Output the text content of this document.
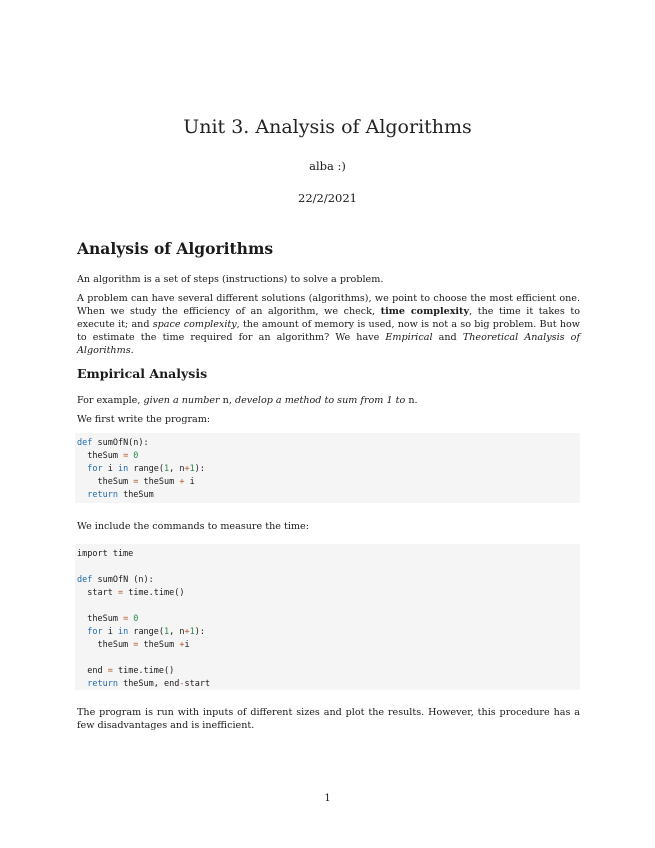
Unit 3. Analysis of Algorithms
alba :)
22/2/2021
Analysis of Algorithms

An algorithm is a set of steps (instructions) to solve a problem.

A problem can have several different solutions (algorithms), we point to choose the most efficient one. When we study the efficiency of an algorithm, we check, time complexity, the time it takes to execute it; and space complexity, the amount of memory is used, now is not a so big problem. But how to estimate the time required for an algorithm? We have Empirical and Theoretical Analysis of Algorithms.

Empirical Analysis

For example, given a number n, develop a method to sum from 1 to n.

We first write the program:

def sumOfN(n):
theSum = 0
for i in range(1, n+1):
theSum = theSum + i
return theSum

We include the commands to measure the time:

import time
def sumOfN (n):
start = time.time()
theSum = 0
for i in range(1, n+1):
theSum = theSum +i
end = time.time()
return theSum, end-start

The program is run with inputs of different sizes and plot the results. However, this procedure has a few disadvantages and is inefficient.

1
